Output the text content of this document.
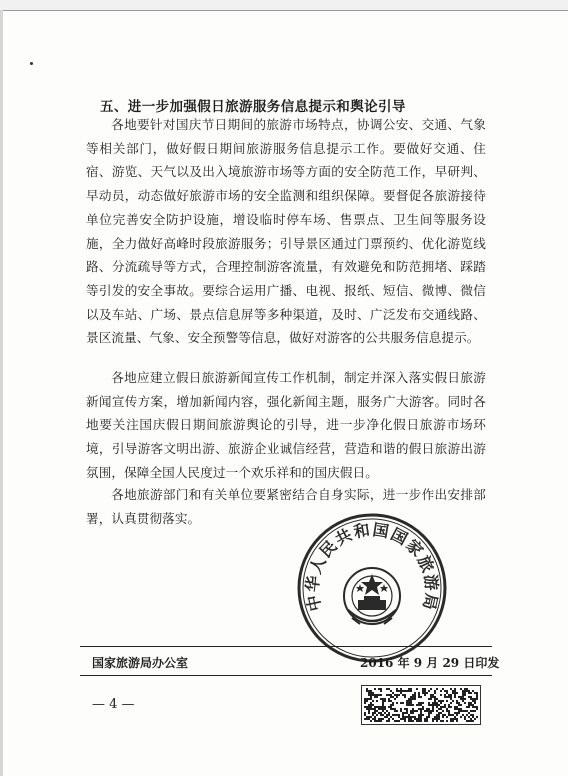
五、进一步加强假日旅游服务信息提示和舆论引导

各地要针对国庆节日期间的旅游市场特点，协调公安、交通、气象等相关部门，做好假日期间旅游服务信息提示工作。要做好交通、住宿、游览、天气以及出入境旅游市场等方面的安全防范工作，早研判、早动员，动态做好旅游市场的安全监测和组织保障。要督促各旅游接待单位完善安全防护设施，增设临时停车场、售票点、卫生间等服务设施，全力做好高峰时段旅游服务；引导景区通过门票预约、优化游览线路、分流疏导等方式，合理控制游客流量，有效避免和防范拥堵、踩踏等引发的安全事故。要综合运用广播、电视、报纸、短信、微博、微信以及车站、广场、景点信息屏等多种渠道，及时、广泛发布交通线路、景区流量、气象、安全预警等信息，做好对游客的公共服务信息提示。

各地应建立假日旅游新闻宣传工作机制，制定并深入落实假日旅游新闻宣传方案，增加新闻内容，强化新闻主题，服务广大游客。同时各地要关注国庆假日期间旅游舆论的引导，进一步净化假日旅游市场环境，引导游客文明出游、旅游企业诚信经营，营造和谐的假日旅游出游氛围，保障全国人民度过一个欢乐祥和的国庆假日。

各地旅游部门和有关单位要紧密结合自身实际，进一步作出安排部署，认真贯彻落实。

中华人民共和国国家旅游局
国家旅游局办公室	2016 年 9 月 29 日印发
— 4 —
